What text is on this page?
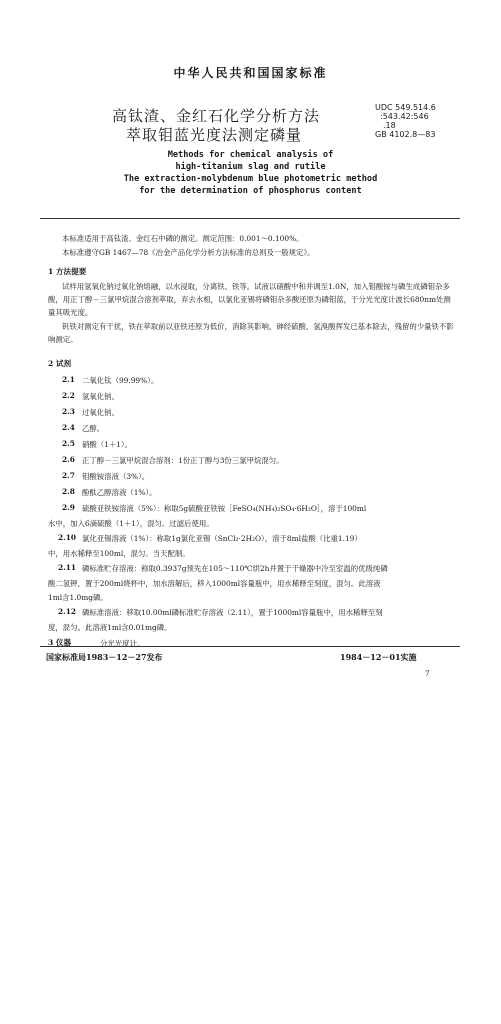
中华人民共和国国家标准
高钛渣、金红石化学分析方法
萃取钼蓝光度法测定磷量
UDC 549.514.6
:543.42:546
.18
GB 4102.8—83
Methods for chemical analysis of
high-titanium slag and rutile
The extraction-molybdenum blue photometric method
for the determination of phosphorus content
本标准适用于高钛渣、金红石中磷的测定。测定范围：0.001～0.100%。
本标准遵守GB 1467—78《冶金产品化学分析方法标准的总则及一般规定》。
1 方法提要
试样用氢氧化钠过氧化钠熔融，以水浸取，分离铁、铁等。试液以硝酸中和并调至1.0N，加入钼酸铵与磷生成磷钼杂多酸，用正丁醇－三氯甲烷混合溶剂萃取，弃去水相，以氯化亚锡将磷钼杂多酸还原为磷钼蓝，于分光光度计波长680nm处测量其吸光度。
钒铁对测定有干扰，铁在萃取前以亚铁还原为低价，消除其影响，砷经硫酸、氢溴酸挥发已基本除去，残留的少量铁不影响测定。
2 试剂
2.1 二氧化钛（99.99%）。
2.2 氢氧化钠。
2.3 过氧化钠。
2.4 乙醇。
2.5 硝酸（1＋1）。
2.6 正丁醇－三氯甲烷混合溶剂：1份正丁醇与3份三氯甲烷混匀。
2.7 钼酸铵溶液（3%）。
2.8 酚酞乙醇溶液（1%）。
2.9 硫酸亚铁铵溶液（5%）：称取5g硫酸亚铁铵［FeSO₄(NH₄)₂SO₄·6H₂O］，溶于100ml
水中，加入6滴硫酸（1＋1），混匀。过滤后使用。
2.10 氯化亚锡溶液（1%）：称取1g氯化亚锡（SnCl₂·2H₂O），溶于8ml盐酸（比重1.19）
中，用水稀释至100ml，混匀。当天配制。
2.11 磷标准贮存溶液：称取0.3937g预先在105～110℃烘2h并置于干燥器中冷至室温的优级纯磷
酸二氢钾，置于200ml烧杯中，加水溶解后，移入1000ml容量瓶中，用水稀释至刻度，混匀。此溶液
1ml含1.0mg磷。
2.12 磷标准溶液：移取10.00ml磷标准贮存溶液（2.11），置于1000ml容量瓶中，用水稀释至刻
度，混匀。此溶液1ml含0.01mg磷。
3 仪器	分光光度计。
国家标准局1983－12－27发布	1984－12－01实施
7
